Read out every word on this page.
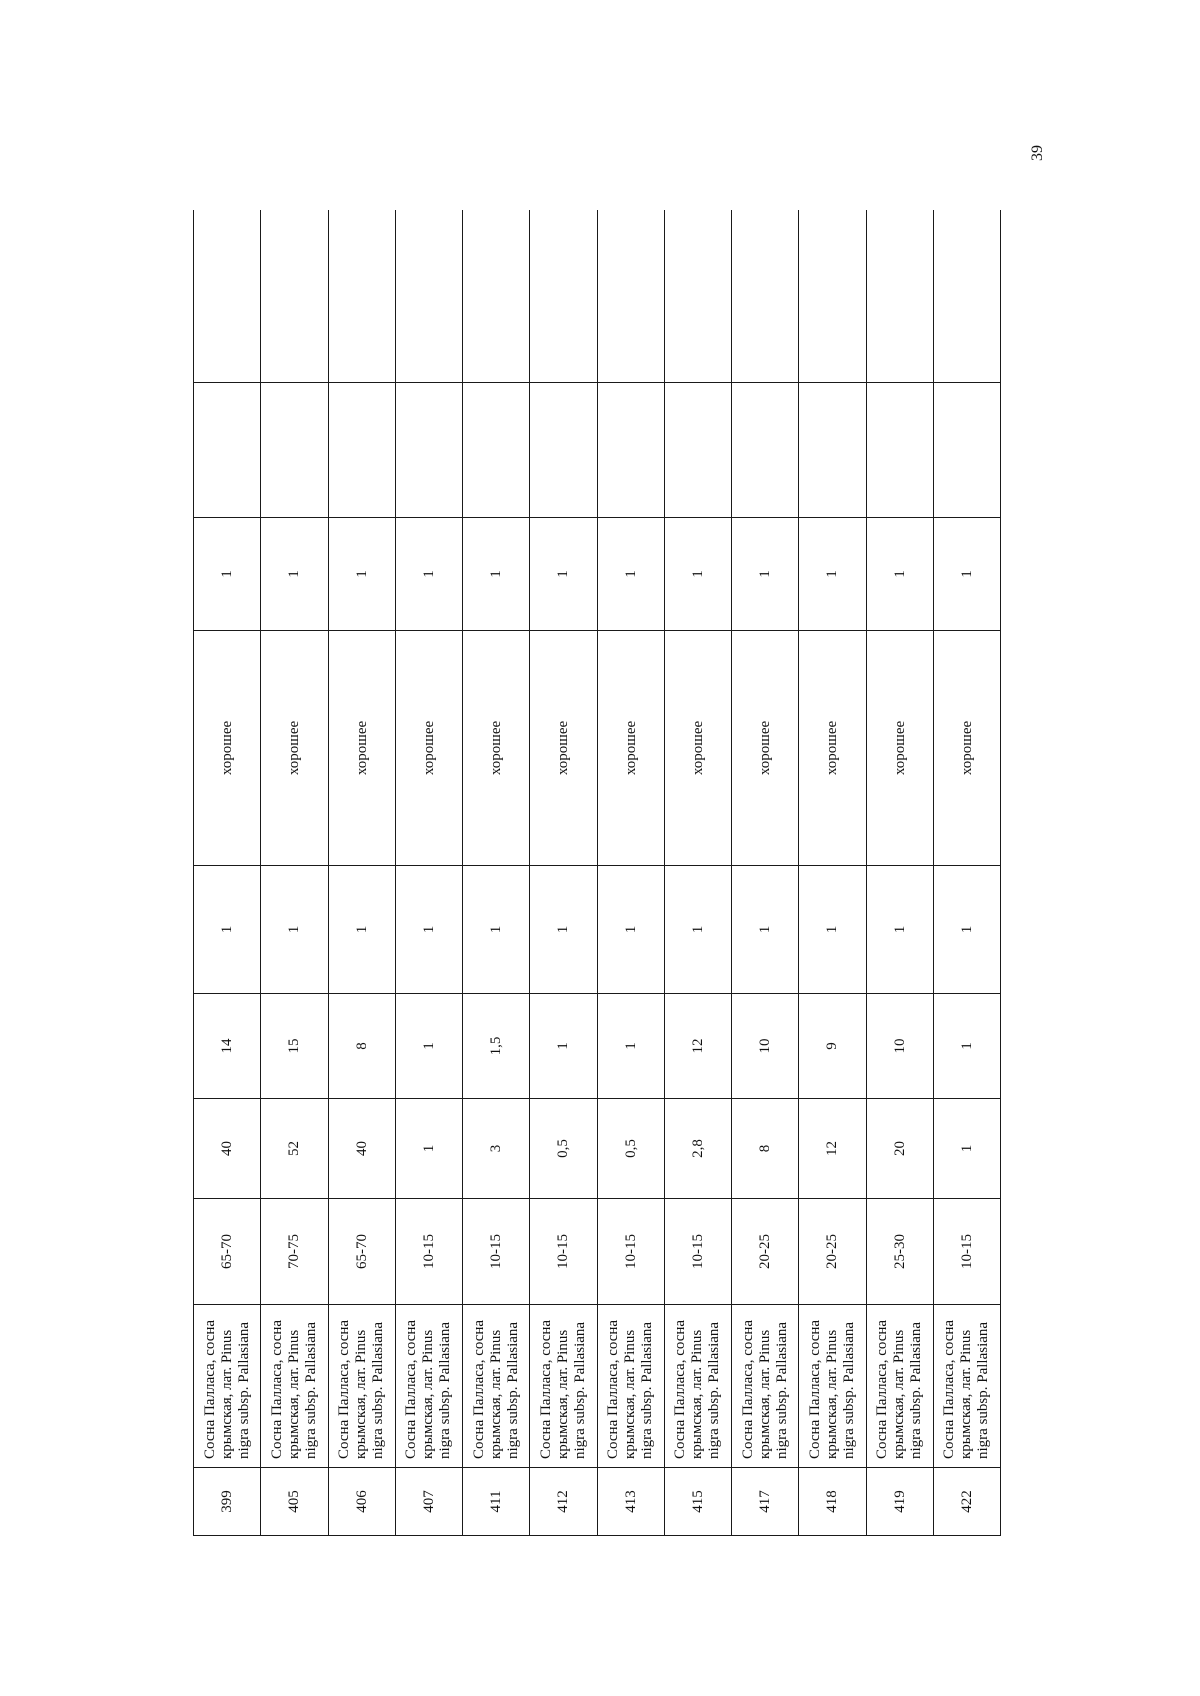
39
399	Сосна Палласа, сосна крымская, лат. Pinus nigra subsp. Pallasiana	65-70	40	14	1	хорошее	1		
405	Сосна Палласа, сосна крымская, лат. Pinus nigra subsp. Pallasiana	70-75	52	15	1	хорошее	1		
406	Сосна Палласа, сосна крымская, лат. Pinus nigra subsp. Pallasiana	65-70	40	8	1	хорошее	1		
407	Сосна Палласа, сосна крымская, лат. Pinus nigra subsp. Pallasiana	10-15	1	1	1	хорошее	1		
411	Сосна Палласа, сосна крымская, лат. Pinus nigra subsp. Pallasiana	10-15	3	1,5	1	хорошее	1		
412	Сосна Палласа, сосна крымская, лат. Pinus nigra subsp. Pallasiana	10-15	0,5	1	1	хорошее	1		
413	Сосна Палласа, сосна крымская, лат. Pinus nigra subsp. Pallasiana	10-15	0,5	1	1	хорошее	1		
415	Сосна Палласа, сосна крымская, лат. Pinus nigra subsp. Pallasiana	10-15	2,8	12	1	хорошее	1		
417	Сосна Палласа, сосна крымская, лат. Pinus nigra subsp. Pallasiana	20-25	8	10	1	хорошее	1		
418	Сосна Палласа, сосна крымская, лат. Pinus nigra subsp. Pallasiana	20-25	12	9	1	хорошее	1		
419	Сосна Палласа, сосна крымская, лат. Pinus nigra subsp. Pallasiana	25-30	20	10	1	хорошее	1		
422	Сосна Палласа, сосна крымская, лат. Pinus nigra subsp. Pallasiana	10-15	1	1	1	хорошее	1		
